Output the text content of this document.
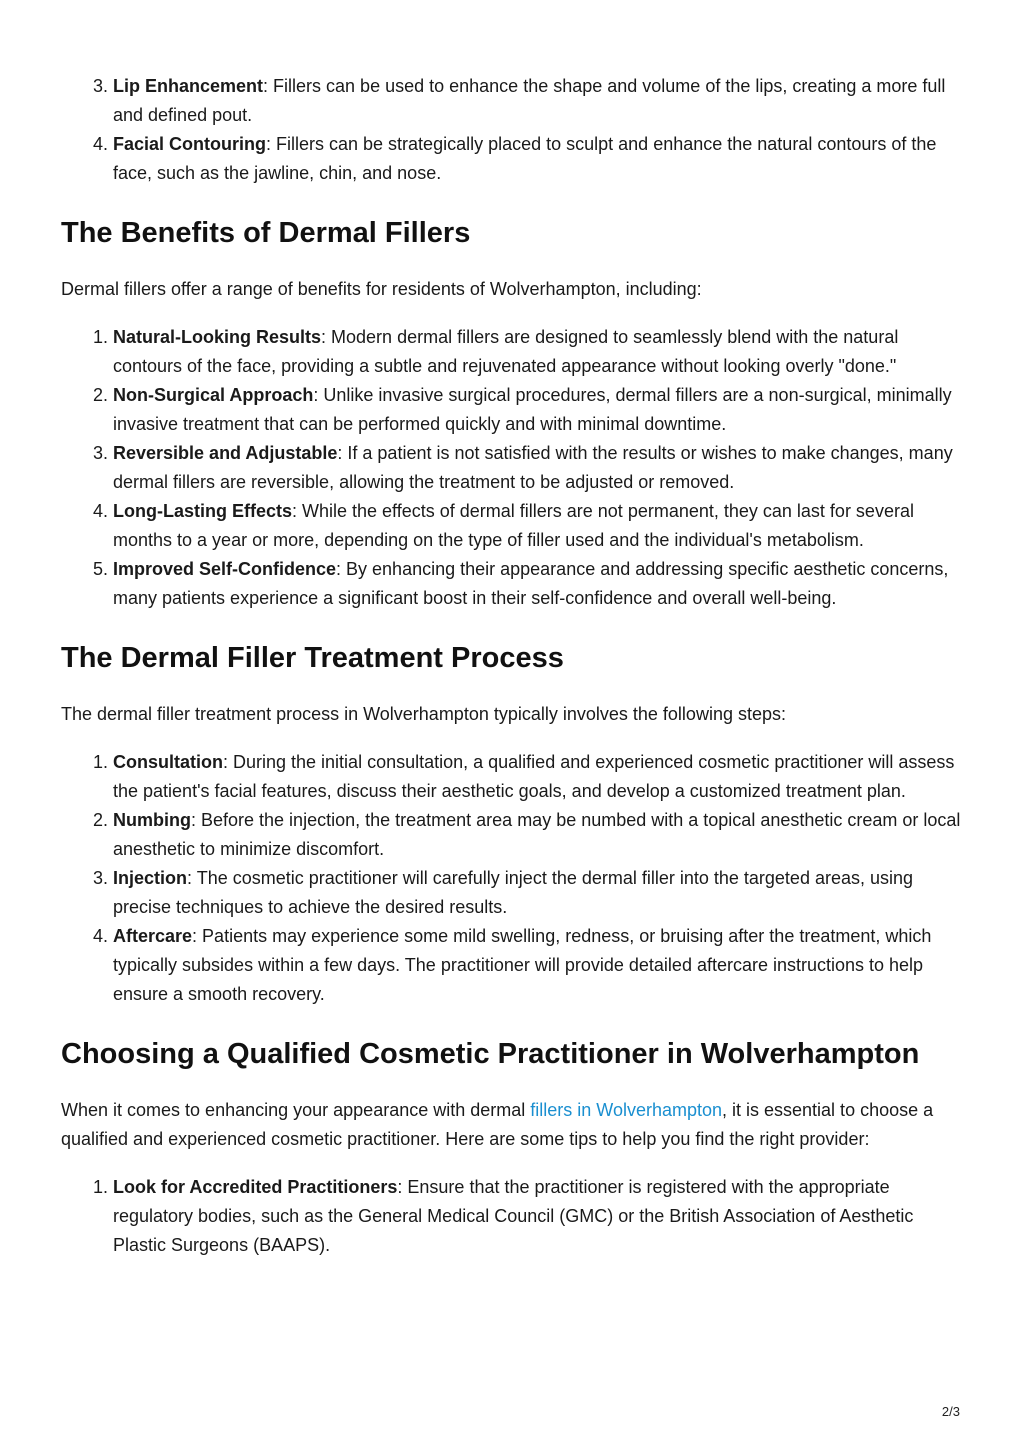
3. Lip Enhancement: Fillers can be used to enhance the shape and volume of the lips, creating a more full and defined pout.
4. Facial Contouring: Fillers can be strategically placed to sculpt and enhance the natural contours of the face, such as the jawline, chin, and nose.
The Benefits of Dermal Fillers

Dermal fillers offer a range of benefits for residents of Wolverhampton, including:

1. Natural-Looking Results: Modern dermal fillers are designed to seamlessly blend with the natural contours of the face, providing a subtle and rejuvenated appearance without looking overly "done."
2. Non-Surgical Approach: Unlike invasive surgical procedures, dermal fillers are a non-surgical, minimally invasive treatment that can be performed quickly and with minimal downtime.
3. Reversible and Adjustable: If a patient is not satisfied with the results or wishes to make changes, many dermal fillers are reversible, allowing the treatment to be adjusted or removed.
4. Long-Lasting Effects: While the effects of dermal fillers are not permanent, they can last for several months to a year or more, depending on the type of filler used and the individual's metabolism.
5. Improved Self-Confidence: By enhancing their appearance and addressing specific aesthetic concerns, many patients experience a significant boost in their self-confidence and overall well-being.
The Dermal Filler Treatment Process

The dermal filler treatment process in Wolverhampton typically involves the following steps:

1. Consultation: During the initial consultation, a qualified and experienced cosmetic practitioner will assess the patient's facial features, discuss their aesthetic goals, and develop a customized treatment plan.
2. Numbing: Before the injection, the treatment area may be numbed with a topical anesthetic cream or local anesthetic to minimize discomfort.
3. Injection: The cosmetic practitioner will carefully inject the dermal filler into the targeted areas, using precise techniques to achieve the desired results.
4. Aftercare: Patients may experience some mild swelling, redness, or bruising after the treatment, which typically subsides within a few days. The practitioner will provide detailed aftercare instructions to help ensure a smooth recovery.
Choosing a Qualified Cosmetic Practitioner in Wolverhampton

When it comes to enhancing your appearance with dermal fillers in Wolverhampton, it is essential to choose a qualified and experienced cosmetic practitioner. Here are some tips to help you find the right provider:

1. Look for Accredited Practitioners: Ensure that the practitioner is registered with the appropriate regulatory bodies, such as the General Medical Council (GMC) or the British Association of Aesthetic Plastic Surgeons (BAAPS).
2/3
